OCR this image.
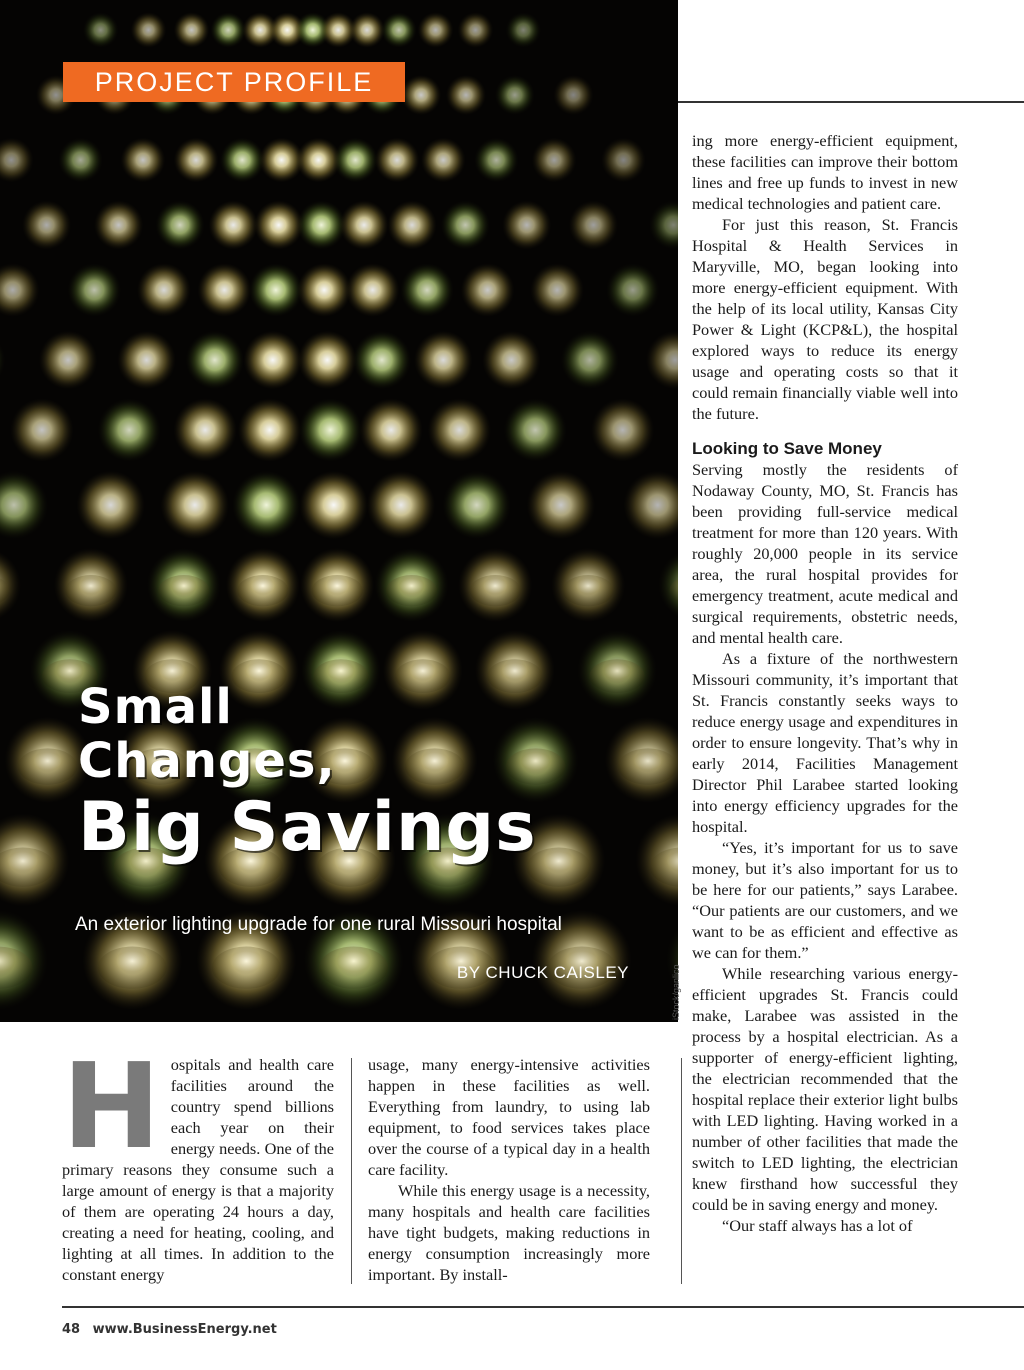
PROJECT PROFILE
Small
Changes,
Big Savings
An exterior lighting upgrade for one rural Missouri hospital
BY CHUCK CAISLEY	iStock/ganlico
H ospitals and health care facilities around the country spend billions each year on their energy needs. One of the primary reasons they consume such a large amount of energy is that a majority of them are operating 24 hours a day, creating a need for heating, cooling, and lighting at all times. In addition to the constant energy

usage, many energy-intensive activities happen in these facilities as well. Everything from laundry, to using lab equipment, to food services takes place over the course of a typical day in a health care facility.

While this energy usage is a necessity, many hospitals and health care facilities have tight budgets, making reductions in energy consumption increasingly more important. By install-

ing more energy-efficient equipment, these facilities can improve their bottom lines and free up funds to invest in new medical technologies and patient care.

For just this reason, St. Francis Hospital & Health Services in Maryville, MO, began looking into more energy-efficient equipment. With the help of its local utility, Kansas City Power & Light (KCP&L), the hospital explored ways to reduce its energy usage and operating costs so that it could remain financially viable well into the future.

Looking to Save Money

Serving mostly the residents of Nodaway County, MO, St. Francis has been providing full-service medical treatment for more than 120 years. With roughly 20,000 people in its service area, the rural hospital provides for emergency treatment, acute medical and surgical requirements, obstetric needs, and mental health care.

As a fixture of the northwestern Missouri community, it’s important that St. Francis constantly seeks ways to reduce energy usage and expenditures in order to ensure longevity. That’s why in early 2014, Facilities Management Director Phil Larabee started looking into energy efficiency upgrades for the hospital.

“Yes, it’s important for us to save money, but it’s also important for us to be here for our patients,” says Larabee. “Our patients are our customers, and we want to be as efficient and effective as we can for them.”

While researching various energy-efficient upgrades St. Francis could make, Larabee was assisted in the process by a hospital electrician. As a supporter of energy-efficient lighting, the electrician recommended that the hospital replace their exterior light bulbs with LED lighting. Having worked in a number of other facilities that made the switch to LED lighting, the electrician knew firsthand how successful they could be in saving energy and money.

“Our staff always has a lot of

48 www.BusinessEnergy.net
